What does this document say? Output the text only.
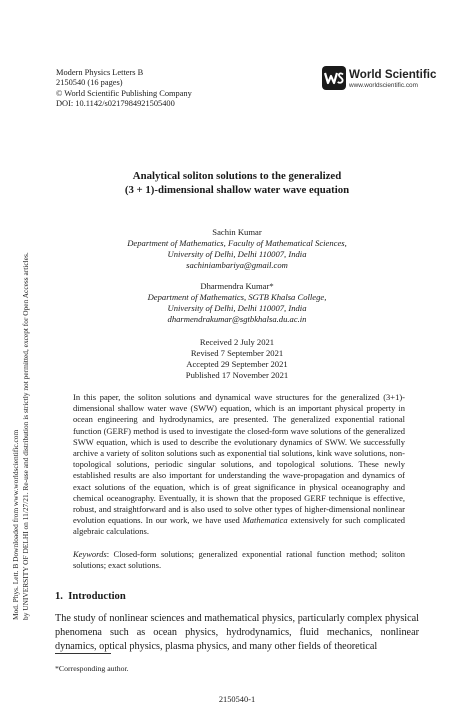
Mod. Phys. Lett. B Downloaded from www.worldscientific.com by UNIVERSITY OF DELHI on 11/27/21. Re-use and distribution is strictly not permitted, except for Open Access articles.
Modern Physics Letters B
2150540 (16 pages)
© World Scientific Publishing Company
DOI: 10.1142/s0217984921505400
World Scientific
www.worldscientific.com
Analytical soliton solutions to the generalized
(3 + 1)-dimensional shallow water wave equation
Sachin Kumar
Department of Mathematics, Faculty of Mathematical Sciences,
University of Delhi, Delhi 110007, India
sachiniambariya@gmail.com
Dharmendra Kumar*
Department of Mathematics, SGTB Khalsa College,
University of Delhi, Delhi 110007, India
dharmendrakumar@sgtbkhalsa.du.ac.in
Received 2 July 2021
Revised 7 September 2021
Accepted 29 September 2021
Published 17 November 2021

In this paper, the soliton solutions and dynamical wave structures for the generalized (3+1)-dimensional shallow water wave (SWW) equation, which is an important physical property in ocean engineering and hydrodynamics, are presented. The generalized exponential rational function (GERF) method is used to investigate the closed-form wave solutions of the generalized SWW equation, which is used to describe the evolutionary dynamics of SWW. We successfully archive a variety of soliton solutions such as exponential tial solutions, kink wave solutions, non-topological solutions, periodic singular solutions, and topological solutions. These newly established results are also important for understanding the wave-propagation and dynamics of exact solutions of the equation, which is of great significance in physical oceanography and chemical oceanography. Eventually, it is shown that the proposed GERF technique is effective, robust, and straightforward and is also used to solve other types of higher-dimensional nonlinear evolution equations. In our work, we have used Mathematica extensively for such complicated algebraic calculations.

Keywords: Closed-form solutions; generalized exponential rational function method; soliton solutions; exact solutions.

1. Introduction

The study of nonlinear sciences and mathematical physics, particularly complex physical phenomena such as ocean physics, hydrodynamics, fluid mechanics, nonlinear dynamics, optical physics, plasma physics, and many other fields of theoretical

*Corresponding author.
2150540-1
